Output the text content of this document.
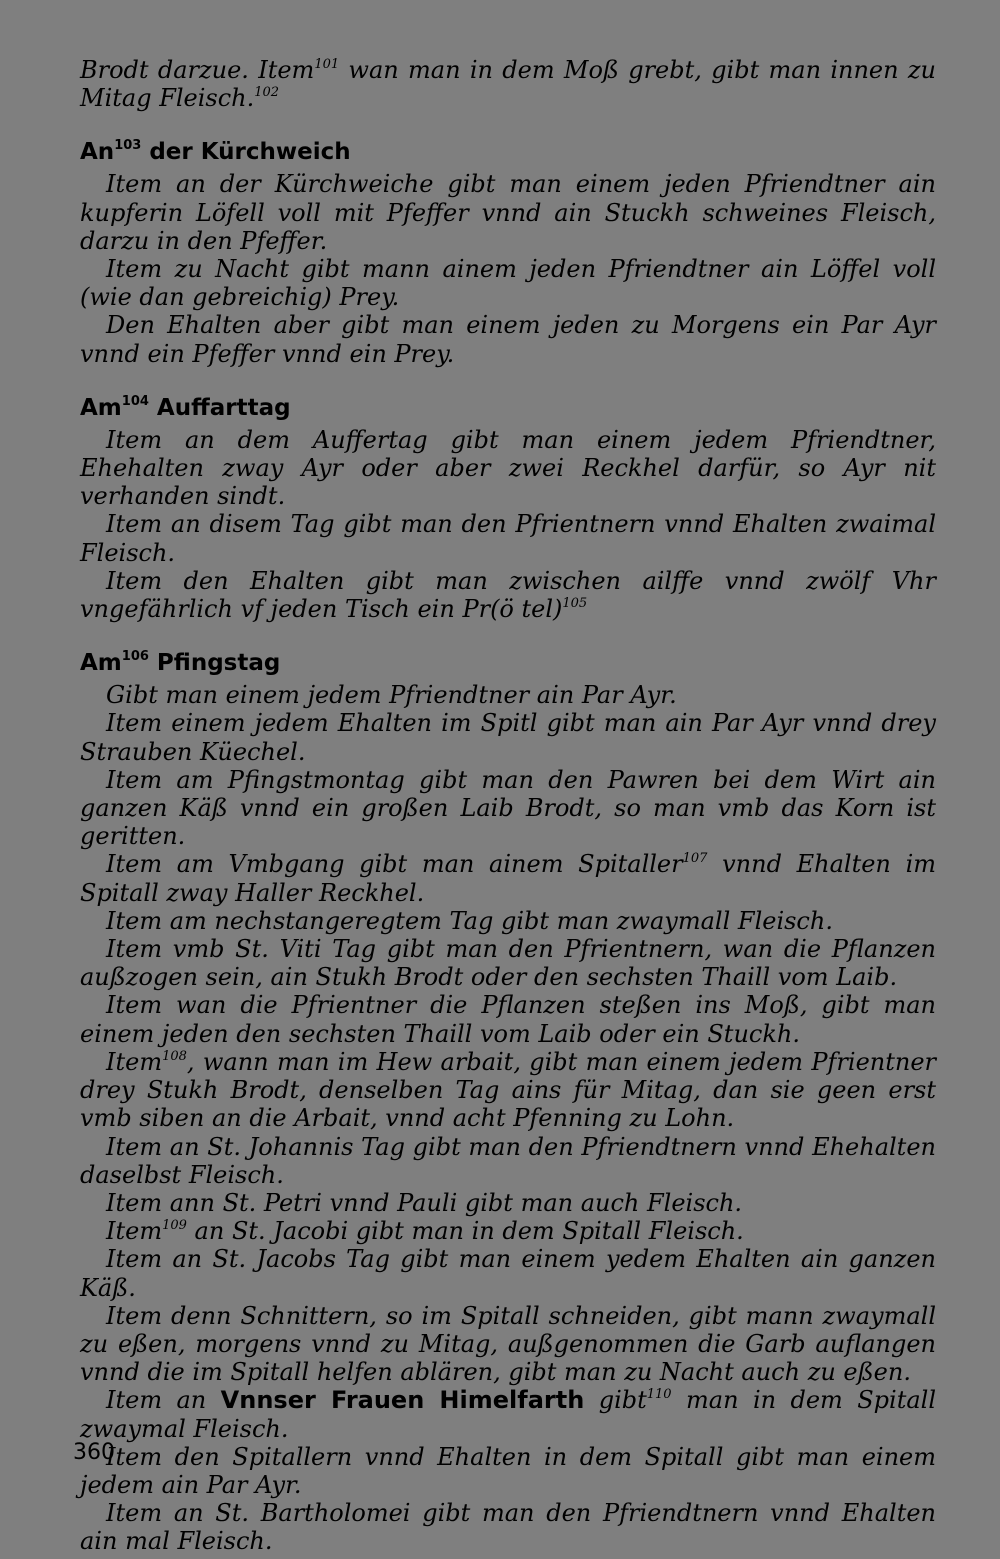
Brodt darzue. Item$^{101}$ wan man in dem Moß grebt, gibt man innen zu Mitag Fleisch.$^{102}$

An$^{103}$ der Kürchweich

Item an der Kürchweiche gibt man einem jeden Pfriendtner ain kupferin Löfell voll mit Pfeffer vnnd ain Stuckh schweines Fleisch, darzu in den Pfeffer.

Item zu Nacht gibt mann ainem jeden Pfriendtner ain Löffel voll (wie dan gebreichig) Prey.

Den Ehalten aber gibt man einem jeden zu Morgens ein Par Ayr vnnd ein Pfeffer vnnd ein Prey.

Am$^{104}$ Auffarttag

Item an dem Auffertag gibt man einem jedem Pfriendtner, Ehehalten zway Ayr oder aber zwei Reckhel darfür, so Ayr nit verhanden sindt.

Item an disem Tag gibt man den Pfrientnern vnnd Ehalten zwaimal Fleisch.

Item den Ehalten gibt man zwischen ailffe vnnd zwölf Vhr vngefährlich vf jeden Tisch ein Pr(ö tel)$^{105}$

Am$^{106}$ Pfingstag

Gibt man einem jedem Pfriendtner ain Par Ayr.

Item einem jedem Ehalten im Spitl gibt man ain Par Ayr vnnd drey Strauben Küechel.

Item am Pfingstmontag gibt man den Pawren bei dem Wirt ain ganzen Käß vnnd ein großen Laib Brodt, so man vmb das Korn ist geritten.

Item am Vmbgang gibt man ainem Spitaller$^{107}$ vnnd Ehalten im Spitall zway Haller Reckhel.

Item am nechstangeregtem Tag gibt man zwaymall Fleisch.

Item vmb St. Viti Tag gibt man den Pfrientnern, wan die Pflanzen außzogen sein, ain Stukh Brodt oder den sechsten Thaill vom Laib.

Item wan die Pfrientner die Pflanzen steßen ins Moß, gibt man einem jeden den sechsten Thaill vom Laib oder ein Stuckh.

Item$^{108}$, wann man im Hew arbait, gibt man einem jedem Pfrientner drey Stukh Brodt, denselben Tag ains für Mitag, dan sie geen erst vmb siben an die Arbait, vnnd acht Pfenning zu Lohn.

Item an St. Johannis Tag gibt man den Pfriendtnern vnnd Ehehalten daselbst Fleisch.

Item ann St. Petri vnnd Pauli gibt man auch Fleisch.

Item$^{109}$ an St. Jacobi gibt man in dem Spitall Fleisch.

Item an St. Jacobs Tag gibt man einem yedem Ehalten ain ganzen Käß.

Item denn Schnittern, so im Spitall schneiden, gibt mann zwaymall zu eßen, morgens vnnd zu Mitag, außgenommen die Garb auflangen vnnd die im Spitall helfen ablären, gibt man zu Nacht auch zu eßen.

Item an Vnnser Frauen Himelfarth gibt$^{110}$ man in dem Spitall zwaymal Fleisch.

Item den Spitallern vnnd Ehalten in dem Spitall gibt man einem jedem ain Par Ayr.

Item an St. Bartholomei gibt man den Pfriendtnern vnnd Ehalten ain mal Fleisch.

360
